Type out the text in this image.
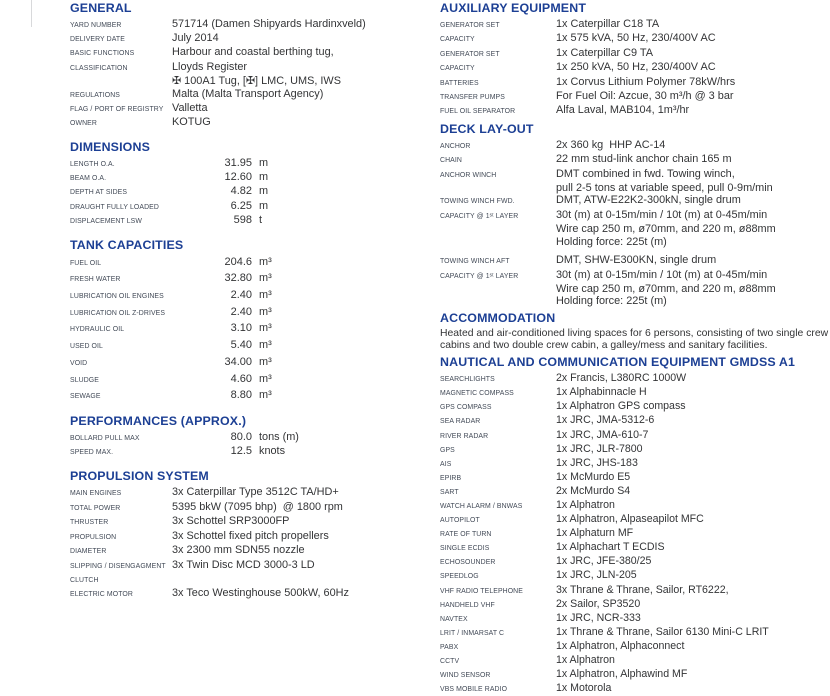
GENERAL
YARD NUMBER	571714 (Damen Shipyards Hardinxveld)
DELIVERY DATE	July 2014
BASIC FUNCTIONS	Harbour and coastal berthing tug,
CLASSIFICATION	Lloyds Register
✠ 100A1 Tug, [✠] LMC, UMS, IWS
REGULATIONS	Malta (Malta Transport Agency)
FLAG / PORT OF REGISTRY Valletta
OWNER	KOTUG
DIMENSIONS
LENGTH O.A.	31.95 m
BEAM O.A.	12.60 m
DEPTH AT SIDES	4.82 m
DRAUGHT FULLY LOADED	6.25 m
DISPLACEMENT LSW	598 t
TANK CAPACITIES
FUEL OIL	204.6 m³
FRESH WATER	32.80 m³
LUBRICATION OIL ENGINES	2.40 m³
LUBRICATION OIL Z-DRIVES	2.40 m³
HYDRAULIC OIL	3.10 m³
USED OIL	5.40 m³
VOID	34.00 m³
SLUDGE	4.60 m³
SEWAGE	8.80 m³
PERFORMANCES (APPROX.)
BOLLARD PULL MAX	80.0 tons (m)
SPEED MAX.	12.5 knots
PROPULSION SYSTEM
MAIN ENGINES	3x Caterpillar Type 3512C TA/HD+
TOTAL POWER	5395 bkW (7095 bhp)  @ 1800 rpm
THRUSTER	3x Schottel SRP3000FP
PROPULSION	3x Schottel fixed pitch propellers
DIAMETER	3x 2300 mm SDN55 nozzle
SLIPPING / DISENGAGMENT CLUTCH
3x Twin Disc MCD 3000-3 LD
ELECTRIC MOTOR	3x Teco Westinghouse 500kW, 60Hz
AUXILIARY EQUIPMENT
GENERATOR SET	1x Caterpillar C18 TA
CAPACITY	1x 575 kVA, 50 Hz, 230/400V AC
GENERATOR SET	1x Caterpillar C9 TA
CAPACITY	1x 250 kVA, 50 Hz, 230/400V AC
BATTERIES	1x Corvus Lithium Polymer 78kW/hrs
TRANSFER PUMPS	For Fuel Oil: Azcue, 30 m³/h @ 3 bar
FUEL OIL SEPARATOR	Alfa Laval, MAB104, 1m³/hr
DECK LAY-OUT
ANCHOR	2x 360 kg  HHP AC-14
CHAIN	22 mm stud-link anchor chain 165 m
ANCHOR WINCH	DMT combined in fwd. Towing winch,
pull 2-5 tons at variable speed, pull 0-9m/min
TOWING WINCH FWD.	DMT, ATW-E22K2-300kN, single drum
CAPACITY @ 1ˢᵗ LAYER	30t (m) at 0-15m/min / 10t (m) at 0-45m/min
Wire cap 250 m, ø70mm, and 220 m, ø88mm
Holding force: 225t (m)
TOWING WINCH AFT	DMT, SHW-E300KN, single drum
CAPACITY @ 1ˢᵗ LAYER	30t (m) at 0-15m/min / 10t (m) at 0-45m/min
Wire cap 250 m, ø70mm, and 220 m, ø88mm
Holding force: 225t (m)
ACCOMMODATION
Heated and air-conditioned living spaces for 6 persons, consisting of two single crew cabins and two double crew cabin, a galley/mess and sanitary facilities.
NAUTICAL AND COMMUNICATION EQUIPMENT GMDSS A1
SEARCHLIGHTS	2x Francis, L380RC 1000W
MAGNETIC COMPASS	1x Alphabinnacle H
GPS COMPASS	1x Alphatron GPS compass
SEA RADAR	1x JRC, JMA-5312-6
RIVER RADAR	1x JRC, JMA-610-7
GPS	1x JRC, JLR-7800
AIS	1x JRC, JHS-183
EPIRB	1x McMurdo E5
SART	2x McMurdo S4
WATCH ALARM / BNWAS	1x Alphatron
AUTOPILOT	1x Alphatron, Alpaseapilot MFC
RATE OF TURN	1x Alphaturn MF
SINGLE ECDIS	1x Alphachart T ECDIS
ECHOSOUNDER	1x JRC, JFE-380/25
SPEEDLOG	1x JRC, JLN-205
VHF RADIO TELEPHONE	3x Thrane & Thrane, Sailor, RT6222,
HANDHELD VHF	2x Sailor, SP3520
NAVTEX	1x JRC, NCR-333
LRIT / INMARSAT C	1x Thrane & Thrane, Sailor 6130 Mini-C LRIT
PABX	1x Alphatron, Alphaconnect
CCTV	1x Alphatron
WIND SENSOR	1x Alphatron, Alphawind MF
VBS MOBILE RADIO	1x Motorola
